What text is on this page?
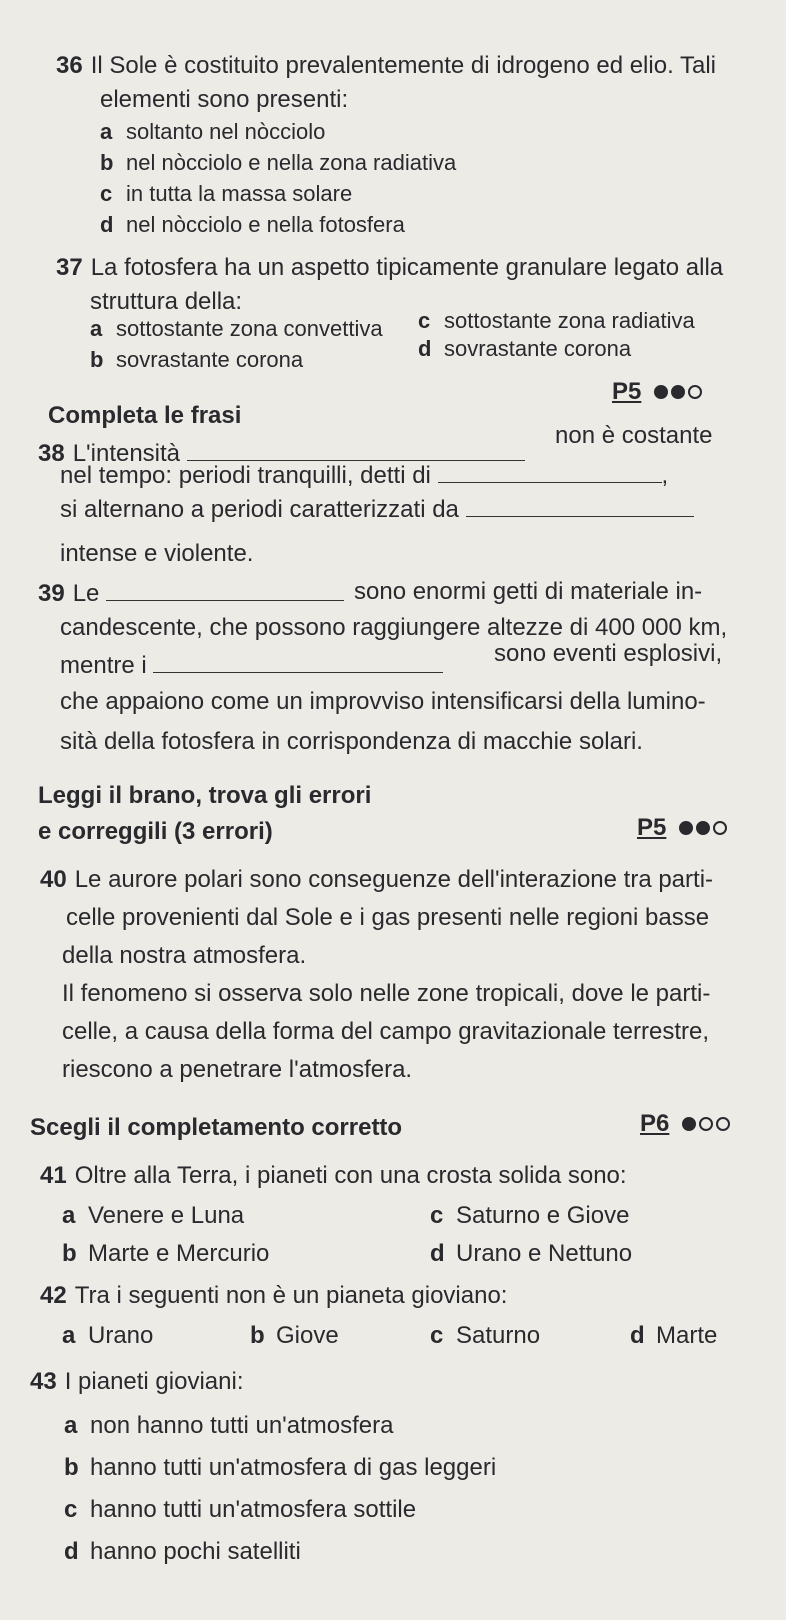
36 Il Sole è costituito prevalentemente di idrogeno ed elio. Tali
elementi sono presenti:
a soltanto nel nòcciolo
b nel nòcciolo e nella zona radiativa
c in tutta la massa solare
d nel nòcciolo e nella fotosfera
37 La fotosfera ha un aspetto tipicamente granulare legato alla
struttura della:
a sottostante zona convettiva
b sovrastante corona
c sottostante zona radiativa
d sovrastante corona
Completa le frasi
P5
38 L'intensità
non è costante
nel tempo: periodi tranquilli, detti di	,
si alternano a periodi caratterizzati da
intense e violente.
39 Le	sono enormi getti di materiale in-
candescente, che possono raggiungere altezze di 400 000 km,
mentre i	sono eventi esplosivi,
che appaiono come un improvviso intensificarsi della lumino-
sità della fotosfera in corrispondenza di macchie solari.
Leggi il brano, trova gli errori
e correggili (3 errori)	P5
40 Le aurore polari sono conseguenze dell'interazione tra parti-
celle provenienti dal Sole e i gas presenti nelle regioni basse
della nostra atmosfera.
Il fenomeno si osserva solo nelle zone tropicali, dove le parti-
celle, a causa della forma del campo gravitazionale terrestre,
riescono a penetrare l'atmosfera.
Scegli il completamento corretto	P6
41 Oltre alla Terra, i pianeti con una crosta solida sono:
a Venere e Luna
b Marte e Mercurio
c Saturno e Giove
d Urano e Nettuno
42 Tra i seguenti non è un pianeta gioviano:
a Urano	b Giove	c Saturno	d Marte
43 I pianeti gioviani:
a non hanno tutti un'atmosfera
b hanno tutti un'atmosfera di gas leggeri
c hanno tutti un'atmosfera sottile
d hanno pochi satelliti
